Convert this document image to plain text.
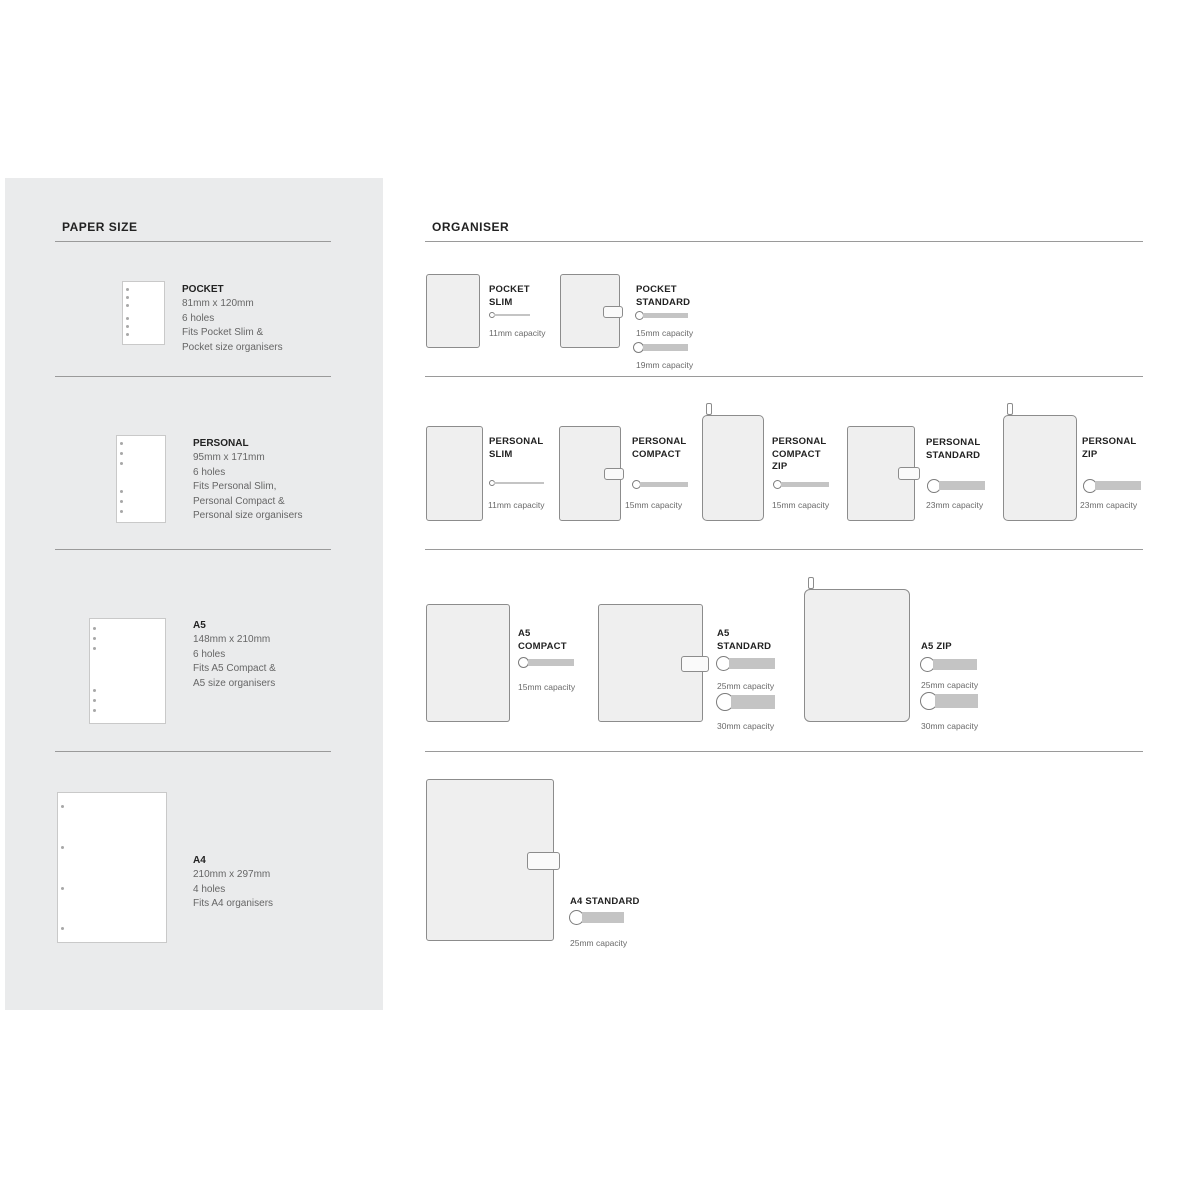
PAPER SIZE
POCKET
81mm x 120mm
6 holes
Fits Pocket Slim &
Pocket size organisers
PERSONAL
95mm x 171mm
6 holes
Fits Personal Slim,
Personal Compact &
Personal size organisers
A5
148mm x 210mm
6 holes
Fits A5 Compact &
A5 size organisers
A4
210mm x 297mm
4 holes
Fits A4 organisers
ORGANISER
POCKET
SLIM
11mm capacity
POCKET
STANDARD
15mm capacity
19mm capacity
PERSONAL
SLIM
11mm capacity
PERSONAL
COMPACT
15mm capacity
PERSONAL
COMPACT
ZIP
15mm capacity
PERSONAL
STANDARD
23mm capacity
PERSONAL
ZIP
23mm capacity
A5
COMPACT
15mm capacity
A5
STANDARD
25mm capacity
30mm capacity
A5 ZIP
25mm capacity
30mm capacity
A4 STANDARD
25mm capacity
